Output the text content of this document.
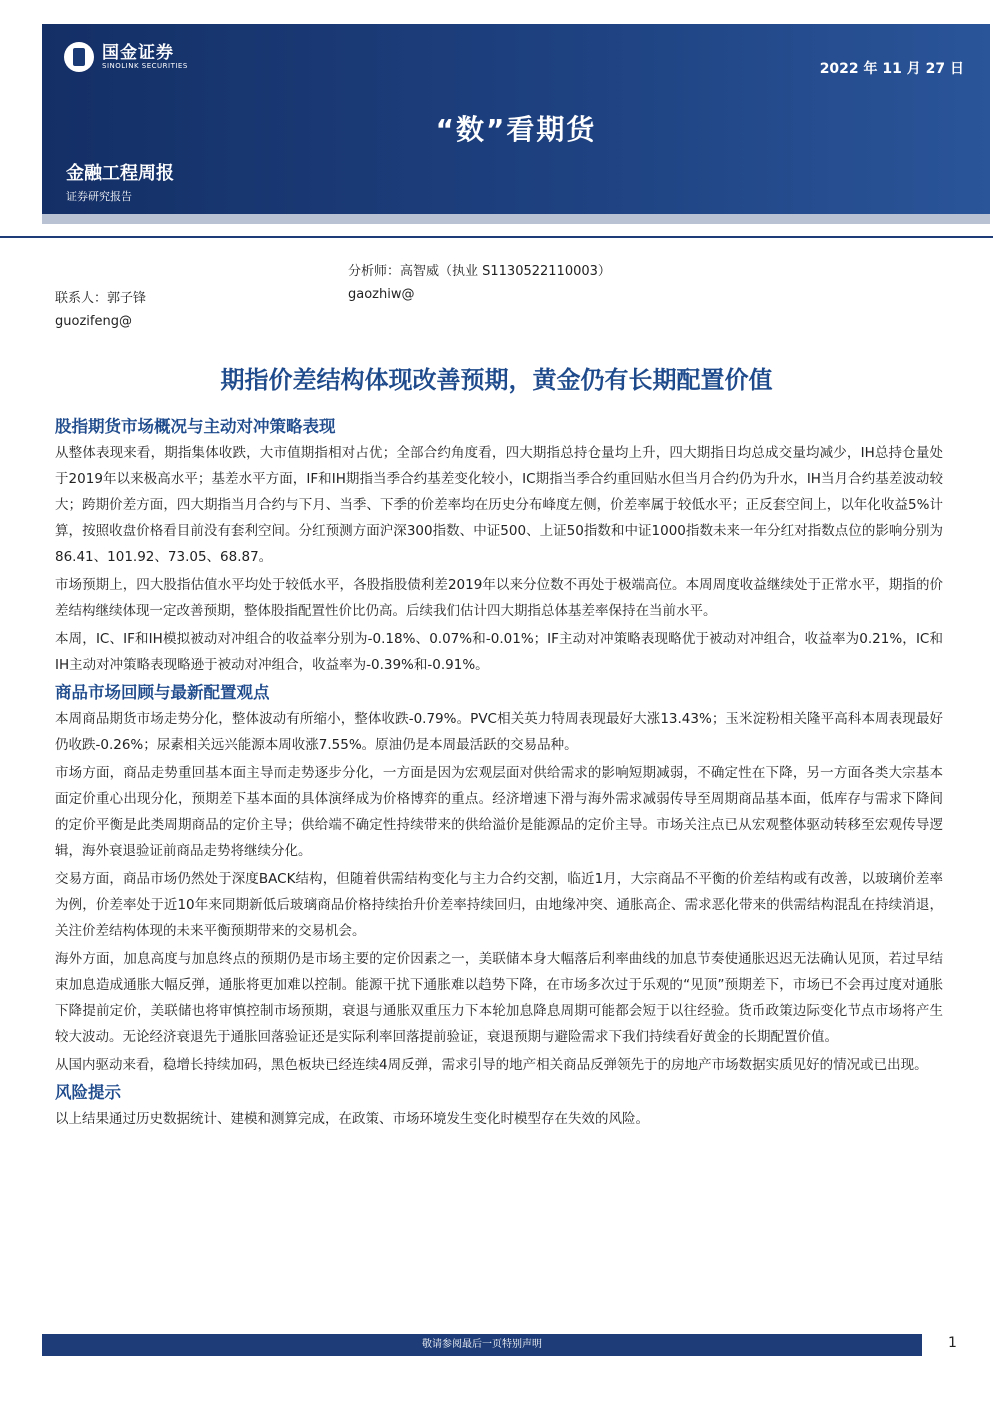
国金证券
SINOLINK SECURITIES	2022 年 11 月 27 日
“数”看期货
金融工程周报
证券研究报告
分析师：高智威（执业 S1130522110003）
gaozhiw@
联系人：郭子锋
guozifeng@
期指价差结构体现改善预期，黄金仍有长期配置价值
股指期货市场概况与主动对冲策略表现

从整体表现来看，期指集体收跌，大市值期指相对占优；全部合约角度看，四大期指总持仓量均上升，四大期指日均总成交量均减少，IH总持仓量处于2019年以来极高水平；基差水平方面，IF和IH期指当季合约基差变化较小，IC期指当季合约重回贴水但当月合约仍为升水，IH当月合约基差波动较大；跨期价差方面，四大期指当月合约与下月、当季、下季的价差率均在历史分布峰度左侧，价差率属于较低水平；正反套空间上，以年化收益5%计算，按照收盘价格看目前没有套利空间。分红预测方面沪深300指数、中证500、上证50指数和中证1000指数未来一年分红对指数点位的影响分别为86.41、101.92、73.05、68.87。

市场预期上，四大股指估值水平均处于较低水平，各股指股债利差2019年以来分位数不再处于极端高位。本周周度收益继续处于正常水平，期指的价差结构继续体现一定改善预期，整体股指配置性价比仍高。后续我们估计四大期指总体基差率保持在当前水平。

本周，IC、IF和IH模拟被动对冲组合的收益率分别为-0.18%、0.07%和-0.01%；IF主动对冲策略表现略优于被动对冲组合，收益率为0.21%，IC和IH主动对冲策略表现略逊于被动对冲组合，收益率为-0.39%和-0.91%。

商品市场回顾与最新配置观点

本周商品期货市场走势分化，整体波动有所缩小，整体收跌-0.79%。PVC相关英力特周表现最好大涨13.43%；玉米淀粉相关隆平高科本周表现最好仍收跌-0.26%；尿素相关远兴能源本周收涨7.55%。原油仍是本周最活跃的交易品种。

市场方面，商品走势重回基本面主导而走势逐步分化，一方面是因为宏观层面对供给需求的影响短期减弱，不确定性在下降，另一方面各类大宗基本面定价重心出现分化，预期差下基本面的具体演绎成为价格博弈的重点。经济增速下滑与海外需求减弱传导至周期商品基本面，低库存与需求下降间的定价平衡是此类周期商品的定价主导；供给端不确定性持续带来的供给溢价是能源品的定价主导。市场关注点已从宏观整体驱动转移至宏观传导逻辑，海外衰退验证前商品走势将继续分化。

交易方面，商品市场仍然处于深度BACK结构，但随着供需结构变化与主力合约交割，临近1月，大宗商品不平衡的价差结构或有改善，以玻璃价差率为例，价差率处于近10年来同期新低后玻璃商品价格持续抬升价差率持续回归，由地缘冲突、通胀高企、需求恶化带来的供需结构混乱在持续消退，关注价差结构体现的未来平衡预期带来的交易机会。

海外方面，加息高度与加息终点的预期仍是市场主要的定价因素之一，美联储本身大幅落后利率曲线的加息节奏使通胀迟迟无法确认见顶，若过早结束加息造成通胀大幅反弹，通胀将更加难以控制。能源干扰下通胀难以趋势下降，在市场多次过于乐观的“见顶”预期差下，市场已不会再过度对通胀下降提前定价，美联储也将审慎控制市场预期，衰退与通胀双重压力下本轮加息降息周期可能都会短于以往经验。货币政策边际变化节点市场将产生较大波动。无论经济衰退先于通胀回落验证还是实际利率回落提前验证，衰退预期与避险需求下我们持续看好黄金的长期配置价值。

从国内驱动来看，稳增长持续加码，黑色板块已经连续4周反弹，需求引导的地产相关商品反弹领先于的房地产市场数据实质见好的情况或已出现。

风险提示

以上结果通过历史数据统计、建模和测算完成，在政策、市场环境发生变化时模型存在失效的风险。

敬请参阅最后一页特别声明	1
